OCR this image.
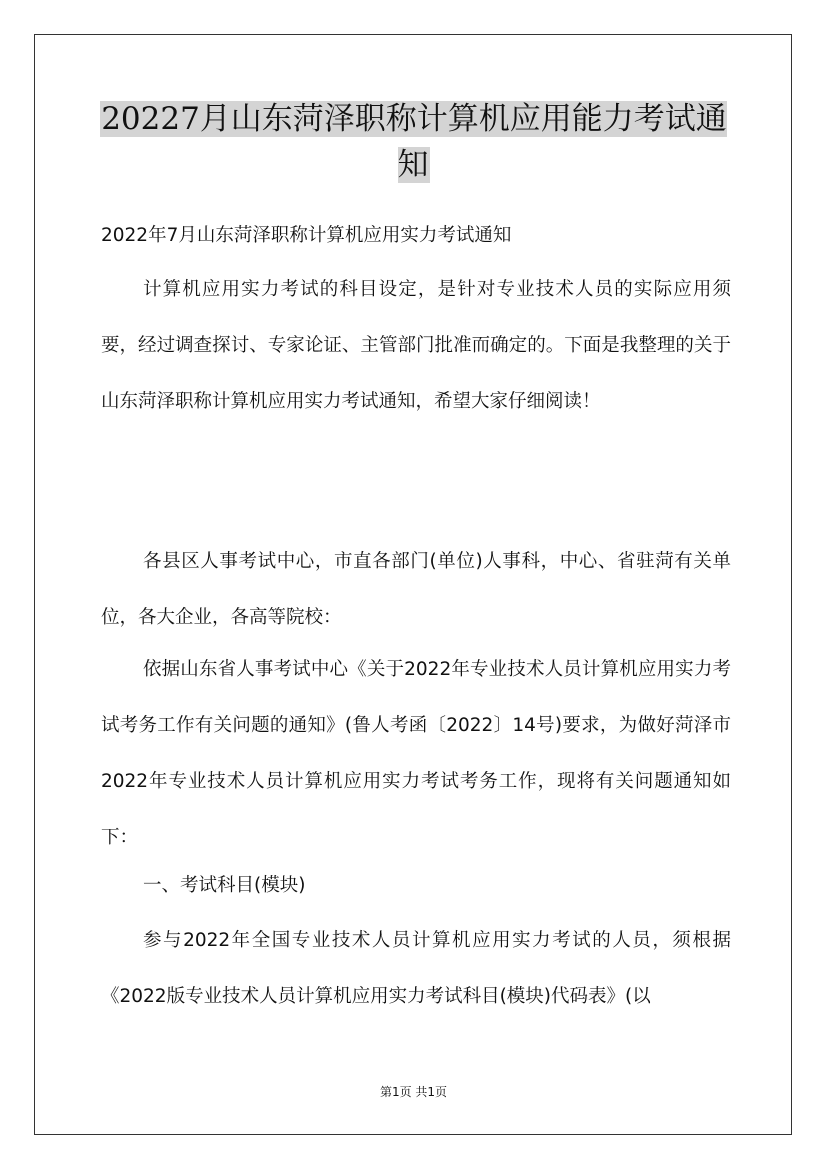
20227月山东菏泽职称计算机应用能力考试通知

2022年7月山东菏泽职称计算机应用实力考试通知

计算机应用实力考试的科目设定，是针对专业技术人员的实际应用须要，经过调查探讨、专家论证、主管部门批准而确定的。下面是我整理的关于山东菏泽职称计算机应用实力考试通知，希望大家仔细阅读！

各县区人事考试中心，市直各部门(单位)人事科，中心、省驻菏有关单位，各大企业，各高等院校：

依据山东省人事考试中心《关于2022年专业技术人员计算机应用实力考试考务工作有关问题的通知》(鲁人考函〔2022〕14号)要求，为做好菏泽市2022年专业技术人员计算机应用实力考试考务工作，现将有关问题通知如下：

一、考试科目(模块)

参与2022年全国专业技术人员计算机应用实力考试的人员，须根据《2022版专业技术人员计算机应用实力考试科目(模块)代码表》(以

第1页 共1页
